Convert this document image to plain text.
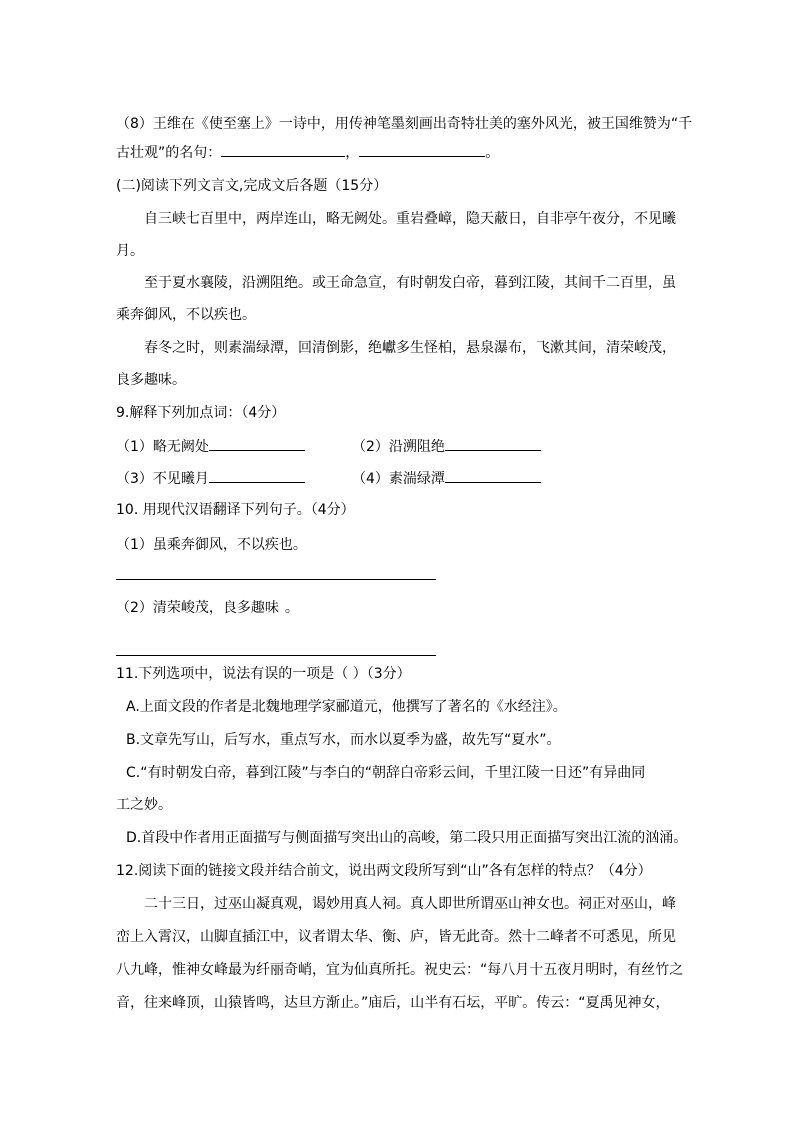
（8）王维在《使至塞上》一诗中，用传神笔墨刻画出奇特壮美的塞外风光，被王国维赞为“千
古壮观”的名句：	，	。
(二)阅读下列文言文,完成文后各题（15分）
自三峡七百里中，两岸连山，略无阙处。重岩叠嶂，隐天蔽日，自非亭午夜分，不见曦
月。
至于夏水襄陵，沿溯阻绝。或王命急宣，有时朝发白帝，暮到江陵，其间千二百里，虽
乘奔御风，不以疾也。
春冬之时，则素湍绿潭，回清倒影，绝巘多生怪柏，悬泉瀑布，飞漱其间，清荣峻茂，
良多趣味。
9.解释下列加点词：（4分）
（1）略无阙处	（2）沿溯阻绝
（3）不见曦月	（4）素湍绿潭
10. 用现代汉语翻译下列句子。（4分）
（1）虽乘奔御风，不以疾也。
（2）清荣峻茂，良多趣味 。
11.下列选项中，说法有误的一项是（ ）（3分）
A.上面文段的作者是北魏地理学家郦道元，他撰写了著名的《水经注》。
B.文章先写山，后写水，重点写水，而水以夏季为盛，故先写“夏水”。
C.“有时朝发白帝，暮到江陵”与李白的“朝辞白帝彩云间，千里江陵一日还”有异曲同
工之妙。
D.首段中作者用正面描写与侧面描写突出山的高峻，第二段只用正面描写突出江流的汹涌。
12.阅读下面的链接文段并结合前文，说出两文段所写到“山”各有怎样的特点？（4分）
二十三日，过巫山凝真观，谒妙用真人祠。真人即世所谓巫山神女也。祠正对巫山，峰
峦上入霄汉，山脚直插江中，议者谓太华、衡、庐，皆无此奇。然十二峰者不可悉见，所见
八九峰，惟神女峰最为纤丽奇峭，宜为仙真所托。祝史云：“每八月十五夜月明时，有丝竹之
音，往来峰顶，山猿皆鸣，达旦方渐止。”庙后，山半有石坛，平旷。传云：“夏禹见神女，
